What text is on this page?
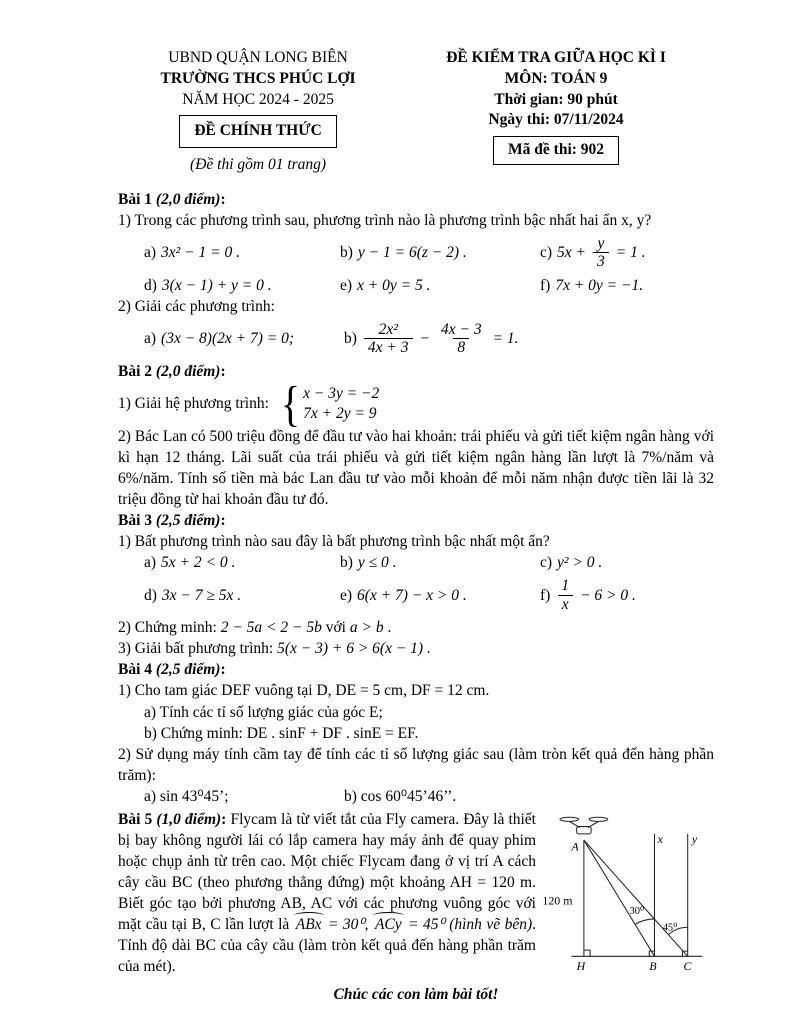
UBND QUẬN LONG BIÊN
TRƯỜNG THCS PHÚC LỢI
NĂM HỌC 2024 - 2025
ĐỀ CHÍNH THỨC
(Đề thi gồm 01 trang)
ĐỀ KIỂM TRA GIỮA HỌC KÌ I
MÔN: TOÁN 9
Thời gian: 90 phút
Ngày thi: 07/11/2024
Mã đề thi: 902
Bài 1 (2,0 điểm):
1) Trong các phương trình sau, phương trình nào là phương trình bậc nhất hai ẩn x, y?
a) 3x² − 1 = 0 .	b) y − 1 = 6(z − 2) .	c) $5x + \frac{y}{3} = 1$ .
d) 3(x − 1) + y = 0 .	e) x + 0y = 5 .	f) 7x + 0y = −1.
2) Giải các phương trình:
a) (3x − 8)(2x + 7) = 0;	$b) \frac{\text{2x²}}{4x + 3} - \frac{4x - 3}{8} = 1$.
Bài 2 (2,0 điểm):
1) Giải hệ phương trình: { x − 3y = −2
7x + 2y = 9
2) Bác Lan có 500 triệu đồng để đầu tư vào hai khoản: trái phiếu và gửi tiết kiệm ngân hàng với kì hạn 12 tháng. Lãi suất của trái phiếu và gửi tiết kiệm ngân hàng lần lượt là 7%/năm và 6%/năm. Tính số tiền mà bác Lan đầu tư vào mỗi khoản để mỗi năm nhận được tiền lãi là 32 triệu đồng từ hai khoản đầu tư đó.
Bài 3 (2,5 điểm):
1) Bất phương trình nào sau đây là bất phương trình bậc nhất một ẩn?
a) 5x + 2 < 0 .	b) y ≤ 0 .	c) y² > 0 .
d) 3x − 7 ≥ 5x .	e) 6(x + 7) − x > 0 .	$f) \frac{1}{x} - 6 > 0$ .
2) Chứng minh: 2 − 5a < 2 − 5b với a > b .
3) Giải bất phương trình: 5(x − 3) + 6 > 6(x − 1) .
Bài 4 (2,5 điểm):
1) Cho tam giác DEF vuông tại D, DE = 5 cm, DF = 12 cm.
a) Tính các tỉ số lượng giác của góc E;
b) Chứng minh: DE . sinF + DF . sinE = EF.
2) Sử dụng máy tính cầm tay để tính các tỉ số lượng giác sau (làm tròn kết quả đến hàng phần trăm):
a) sin 43⁰45’;	b) cos 60⁰45’46’’.
A
x	y
H	B C
120 m
30⁰
45⁰
Bài 5 (1,0 điểm): Flycam là từ viết tắt của Fly camera. Đây là thiết bị bay không người lái có lắp camera hay máy ảnh để quay phim hoặc chụp ảnh từ trên cao. Một chiếc Flycam đang ở vị trí A cách cây cầu BC (theo phương thẳng đứng) một khoảng AH = 120 m. Biết góc tạo bởi phương AB, AC với các phương vuông góc với mặt cầu tại B, C lần lượt là ABx = 30⁰, ACy = 45⁰ (hình vẽ bên). Tính độ dài BC của cây cầu (làm tròn kết quả đến hàng phần trăm của mét).
Chúc các con làm bài tốt!
